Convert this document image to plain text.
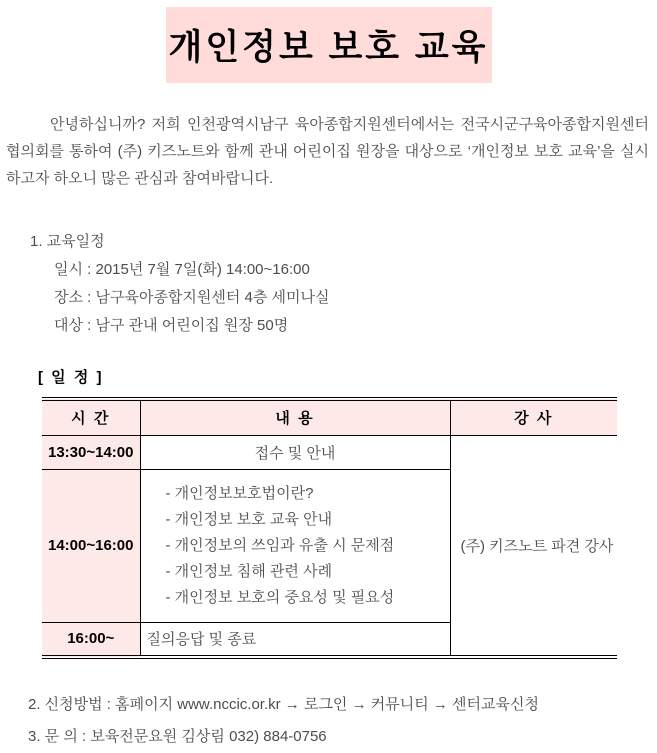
개인정보 보호 교육

안녕하십니까? 저희 인천광역시남구 육아종합지원센터에서는 전국시군구육아종합지원센터 협의회를 통하여 (주) 키즈노트와 함께 관내 어린이집 원장을 대상으로 ‘개인정보 보호 교육’을 실시 하고자 하오니 많은 관심과 참여바랍니다.

1. 교육일정
일시 : 2015년 7월 7일(화) 14:00~16:00
장소 : 남구육아종합지원센터 4층 세미나실
대상 : 남구 관내 어린이집 원장 50명
[ 일 정 ]
시 간	내 용	강 사
13:30~14:00	접수 및 안내	(주) 키즈노트 파견 강사
14:00~16:00	- 개인정보보호법이란?
- 개인정보 보호 교육 안내
- 개인정보의 쓰임과 유출 시 문제점
- 개인정보 침해 관련 사례
- 개인정보 보호의 중요성 및 필요성	

16:00~	질의응답 및 종료	
2. 신청방법 : 홈페이지 www.nccic.or.kr → 로그인 → 커뮤니티 → 센터교육신청
3. 문 의 : 보육전문요원 김상림 032) 884-0756
